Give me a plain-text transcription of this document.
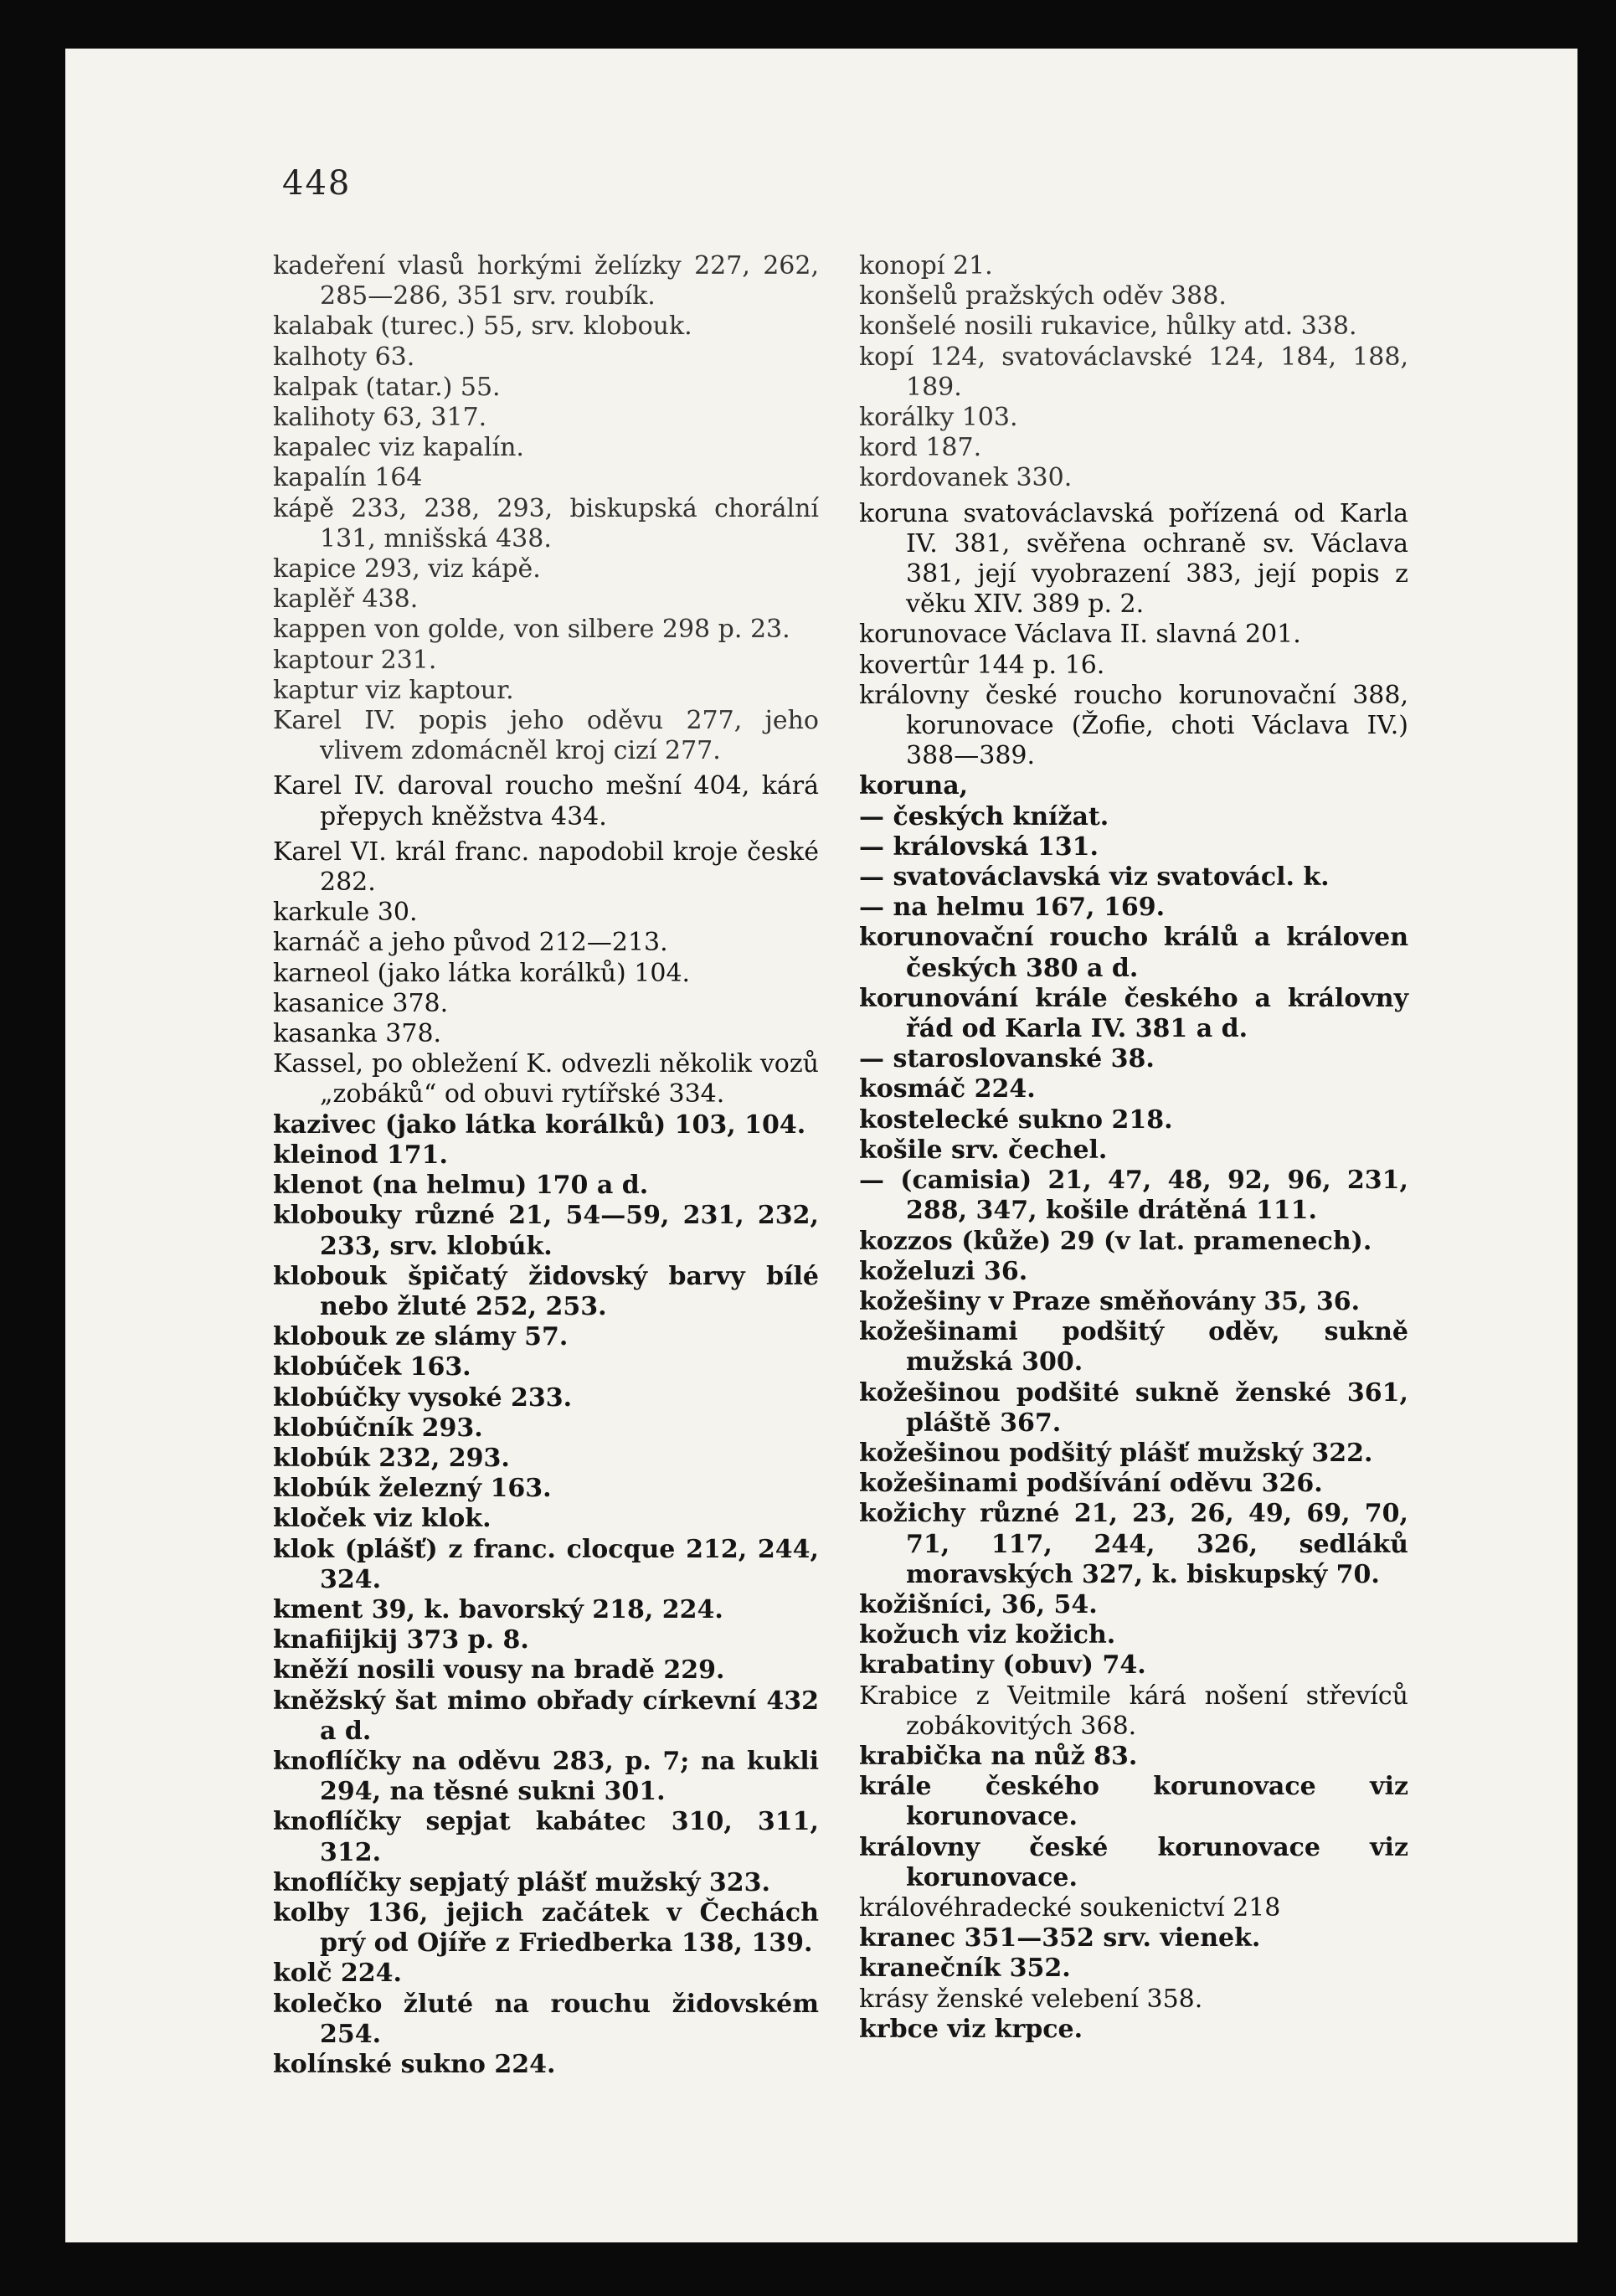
448

kadeření vlasů horkými želízky 227, 262, 285—286, 351 srv. roubík.

kalabak (turec.) 55, srv. klobouk.

kalhoty 63.

kalpak (tatar.) 55.

kalihoty 63, 317.

kapalec viz kapalín.

kapalín 164

kápě 233, 238, 293, biskupská chorální 131, mnišská 438.

kapice 293, viz kápě.

kaplěř 438.

kappen von golde, von silbere 298 p. 23.

kaptour 231.

kaptur viz kaptour.

Karel IV. popis jeho oděvu 277, jeho vlivem zdomácněl kroj cizí 277.

Karel IV. daroval roucho mešní 404, kárá přepych kněžstva 434.

Karel VI. král franc. napodobil kroje české 282.

karkule 30.

karnáč a jeho původ 212—213.

karneol (jako látka korálků) 104.

kasanice 378.

kasanka 378.

Kassel, po obležení K. odvezli několik vozů „zobáků“ od obuvi rytířské 334.

kazivec (jako látka korálků) 103, 104.

kleinod 171.

klenot (na helmu) 170 a d.

klobouky různé 21, 54—59, 231, 232, 233, srv. klobúk.

klobouk špičatý židovský barvy bílé nebo žluté 252, 253.

klobouk ze slámy 57.

klobúček 163.

klobúčky vysoké 233.

klobúčník 293.

klobúk 232, 293.

klobúk železný 163.

kloček viz klok.

klok (plášť) z franc. clocque 212, 244, 324.

kment 39, k. bavorský 218, 224.

knafiijkij 373 p. 8.

kněží nosili vousy na bradě 229.

kněžský šat mimo obřady církevní 432 a d.

knoflíčky na oděvu 283, p. 7; na kukli 294, na těsné sukni 301.

knoflíčky sepjat kabátec 310, 311, 312.

knoflíčky sepjatý plášť mužský 323.

kolby 136, jejich začátek v Čechách prý od Ojíře z Friedberka 138, 139.

kolč 224.

kolečko žluté na rouchu židovském 254.

kolínské sukno 224.

konopí 21.

konšelů pražských oděv 388.

konšelé nosili rukavice, hůlky atd. 338.

kopí 124, svatováclavské 124, 184, 188, 189.

korálky 103.

kord 187.

kordovanek 330.

koruna svatováclavská pořízená od Karla IV. 381, svěřena ochraně sv. Václava 381, její vyobrazení 383, její popis z věku XIV. 389 p. 2.

korunovace Václava II. slavná 201.

kovertûr 144 p. 16.

královny české roucho korunovační 388, korunovace (Žofie, choti Václava IV.) 388—389.

koruna,

— českých knížat.

— královská 131.

— svatováclavská viz svatovácl. k.

— na helmu 167, 169.

korunovační roucho králů a královen českých 380 a d.

korunování krále českého a královny řád od Karla IV. 381 a d.

— staroslovanské 38.

kosmáč 224.

kostelecké sukno 218.

košile srv. čechel.

— (camisia) 21, 47, 48, 92, 96, 231, 288, 347, košile drátěná 111.

kozzos (kůže) 29 (v lat. pramenech).

koželuzi 36.

kožešiny v Praze směňovány 35, 36.

kožešinami podšitý oděv, sukně mužská 300.

kožešinou podšité sukně ženské 361, pláště 367.

kožešinou podšitý plášť mužský 322.

kožešinami podšívání oděvu 326.

kožichy různé 21, 23, 26, 49, 69, 70, 71, 117, 244, 326, sedláků moravských 327, k. biskupský 70.

kožišníci, 36, 54.

kožuch viz kožich.

krabatiny (obuv) 74.

Krabice z Veitmile kárá nošení střevíců zobákovitých 368.

krabička na nůž 83.

krále českého korunovace viz korunovace.

královny české korunovace viz korunovace.

královéhradecké soukenictví 218

kranec 351—352 srv. vienek.

kranečník 352.

krásy ženské velebení 358.

krbce viz krpce.
